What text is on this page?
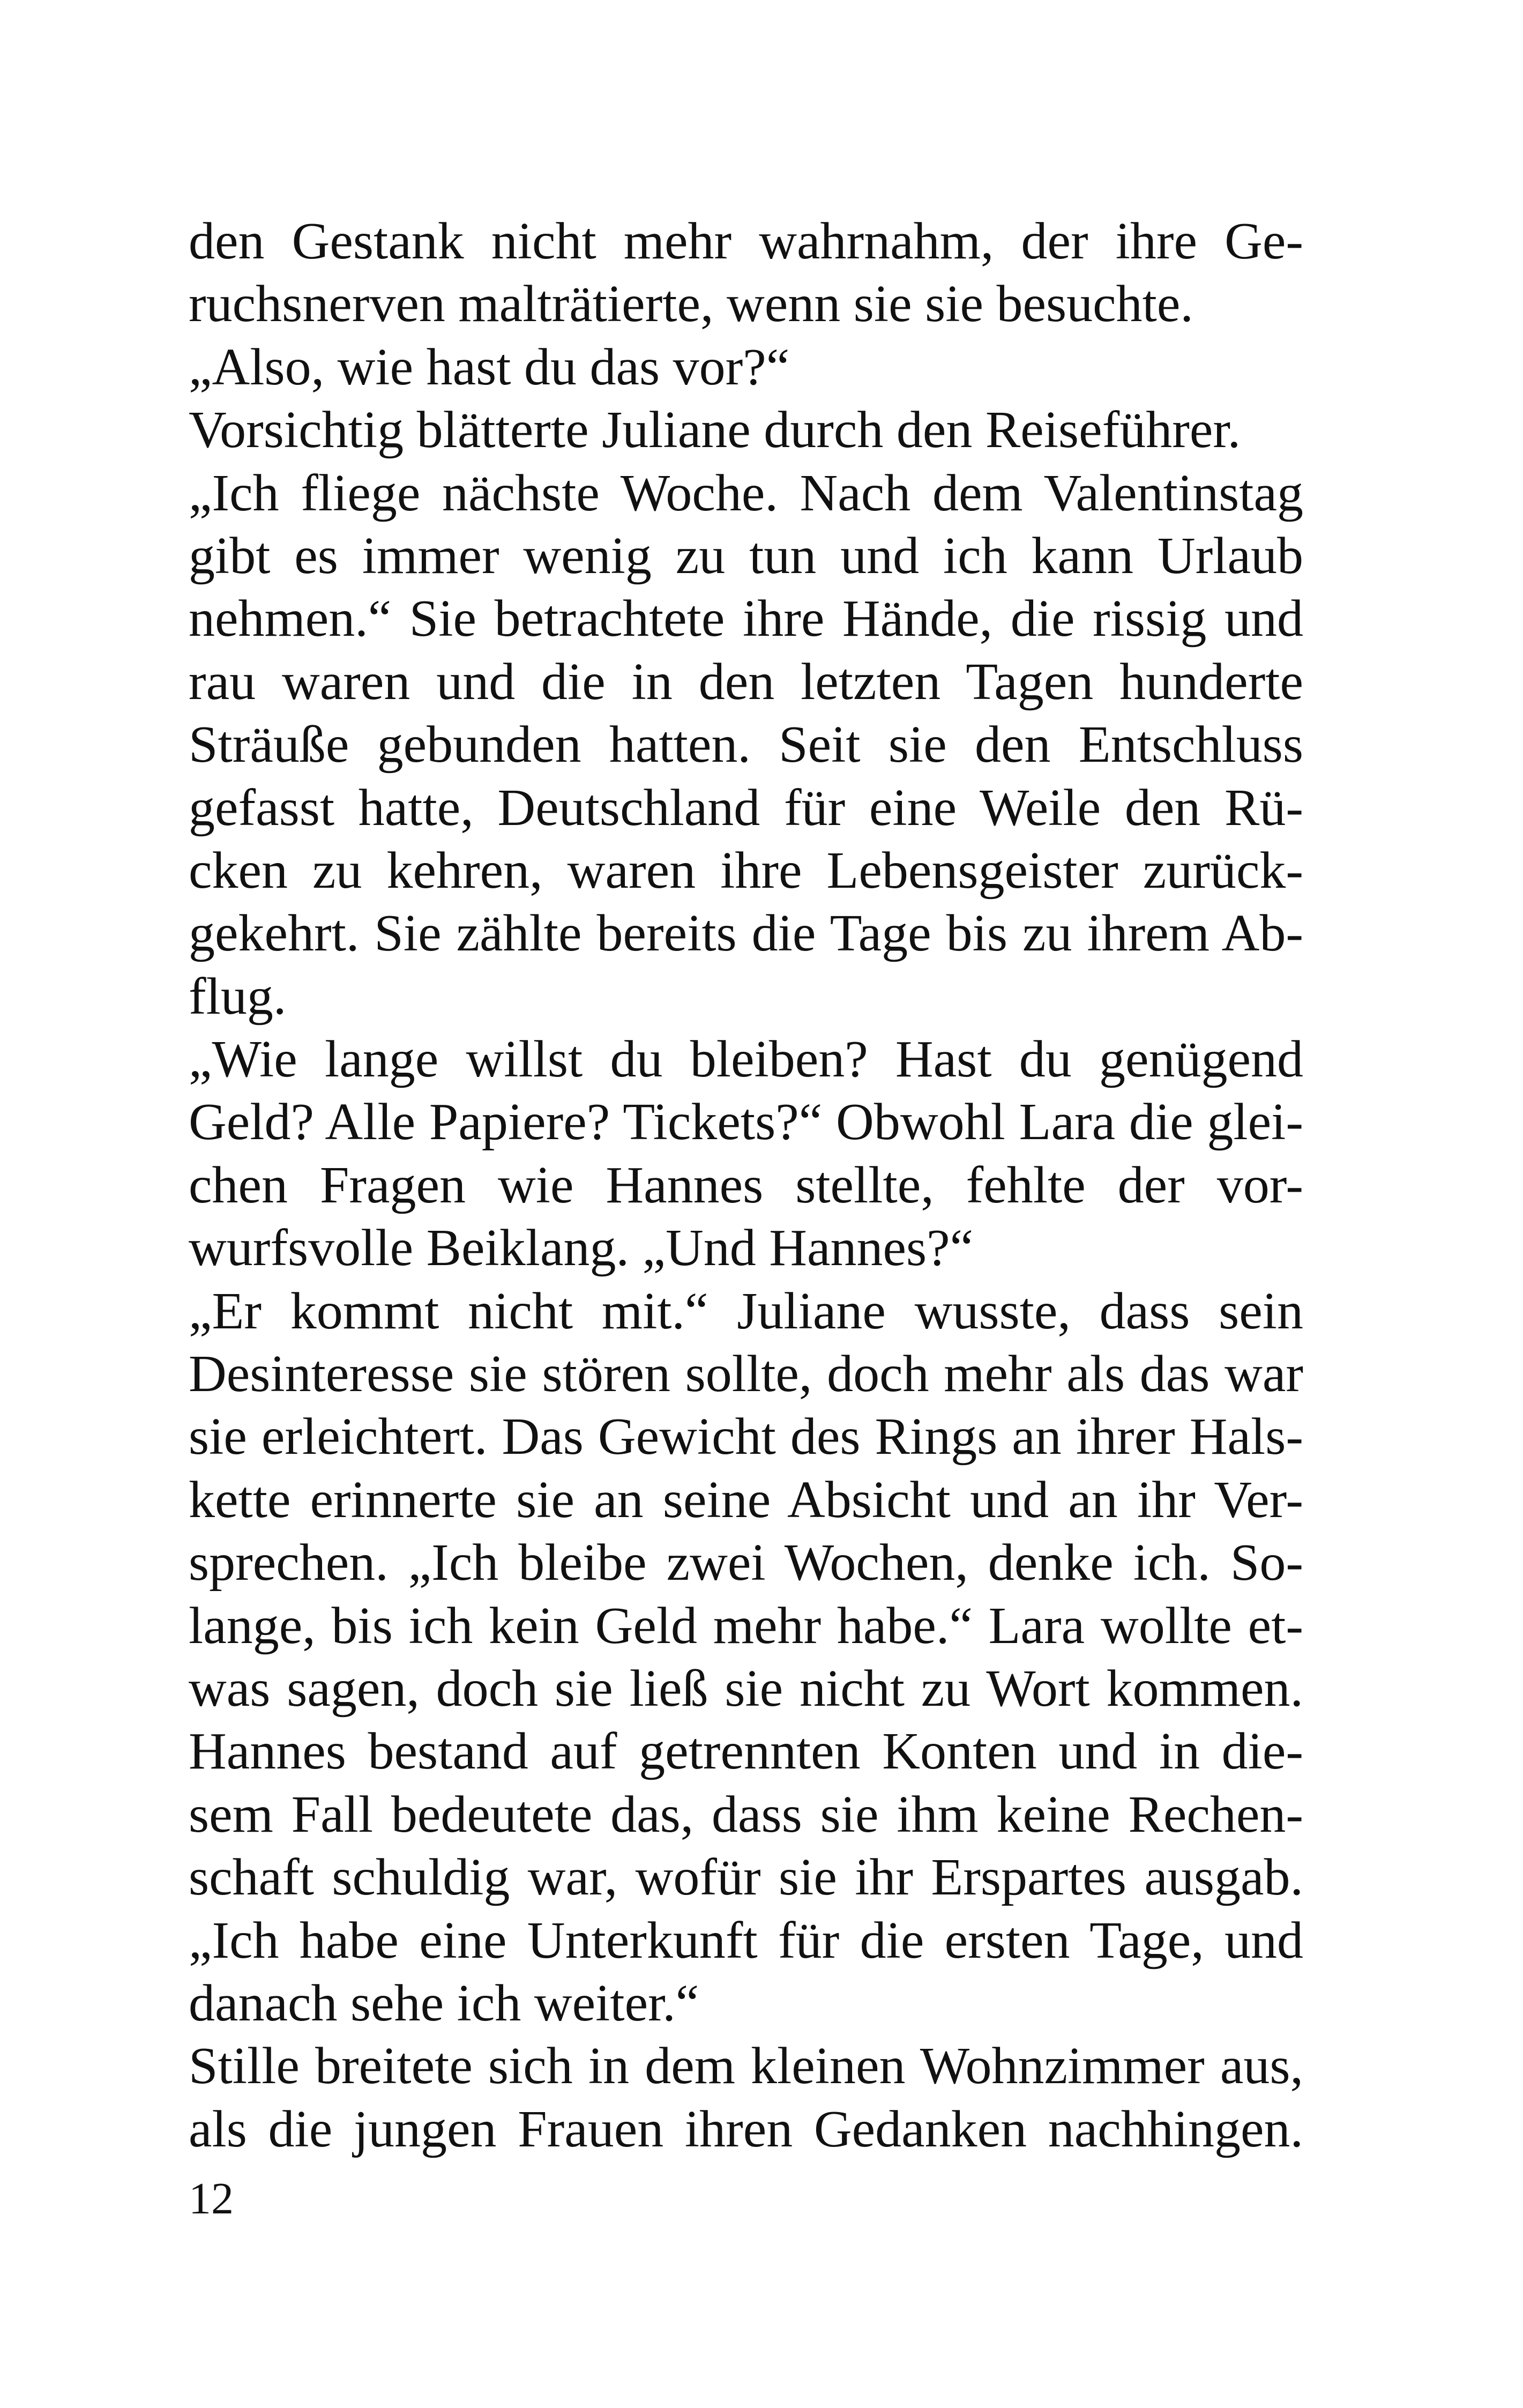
den Gestank nicht mehr wahrnahm, der ihre Ge-
ruchsnerven malträtierte, wenn sie sie besuchte.
„Also, wie hast du das vor?“
Vorsichtig blätterte Juliane durch den Reiseführer.
„Ich fliege nächste Woche. Nach dem Valentinstag
gibt es immer wenig zu tun und ich kann Urlaub
nehmen.“ Sie betrachtete ihre Hände, die rissig und
rau waren und die in den letzten Tagen hunderte
Sträuße gebunden hatten. Seit sie den Entschluss
gefasst hatte, Deutschland für eine Weile den Rü-
cken zu kehren, waren ihre Lebensgeister zurück-
gekehrt. Sie zählte bereits die Tage bis zu ihrem Ab-
flug.
„Wie lange willst du bleiben? Hast du genügend
Geld? Alle Papiere? Tickets?“ Obwohl Lara die glei-
chen Fragen wie Hannes stellte, fehlte der vor-
wurfsvolle Beiklang. „Und Hannes?“
„Er kommt nicht mit.“ Juliane wusste, dass sein
Desinteresse sie stören sollte, doch mehr als das war
sie erleichtert. Das Gewicht des Rings an ihrer Hals-
kette erinnerte sie an seine Absicht und an ihr Ver-
sprechen. „Ich bleibe zwei Wochen, denke ich. So-
lange, bis ich kein Geld mehr habe.“ Lara wollte et-
was sagen, doch sie ließ sie nicht zu Wort kommen.
Hannes bestand auf getrennten Konten und in die-
sem Fall bedeutete das, dass sie ihm keine Rechen-
schaft schuldig war, wofür sie ihr Erspartes ausgab.
„Ich habe eine Unterkunft für die ersten Tage, und
danach sehe ich weiter.“
Stille breitete sich in dem kleinen Wohnzimmer aus,
als die jungen Frauen ihren Gedanken nachhingen.
12
